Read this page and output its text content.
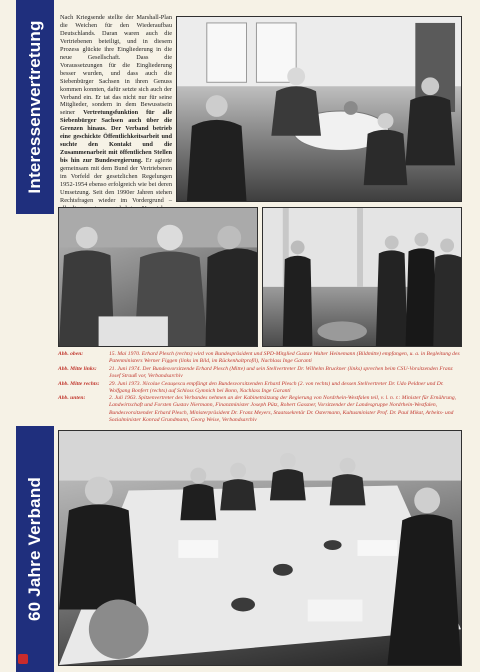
Interessenvertretung
60 Jahre Verband
Nach Kriegsende stellte der Marshall-Plan die Weichen für den Wiederaufbau Deutschlands. Daran waren auch die Vertriebenen beteiligt, und in diesem Prozess glückte ihre Eingliederung in die neue Gesellschaft. Dass die Voraussetzungen für die Eingliederung besser wurden, und dass auch die Siebenbürger Sachsen in ihren Genuss kommen konnten, dafür setzte sich auch der Verband ein. Er tat das nicht nur für seine Mitglieder, sondern in dem Bewusstsein seiner Vertretungsfunktion für alle Siebenbürger Sachsen auch über die Grenzen hinaus. Der Verband betrieb eine geschickte Öffentlichkeitsarbeit und suchte den Kontakt und die Zusammenarbeit mit öffentlichen Stellen bis hin zur Bundesregierung. Er agierte gemeinsam mit dem Bund der Vertriebenen im Vorfeld der gesetzlichen Regelungen 1952-1954 ebenso erfolgreich wie bei deren Umsetzung. Seit den 1990er Jahren stehen Rechtsfragen wieder im Vordergrund –
Abb. oben:	15. Mai 1970. Erhard Plesch (rechts) wird von Bundespräsident und SPD-Mitglied Gustav Walter Heinemann (Bildmitte) empfangen, u. a. in Begleitung des Patenministers Werner Figgen (links im Bild, im Rückenhaltprofil), Nachlass Inge Garanti
Abb. Mitte links:	21. Juni 1974. Der Bundesvorsitzende Erhard Plesch (Mitte) und sein Stellvertreter Dr. Wilhelm Bruckner (links) sprechen beim CSU-Vorsitzenden Franz Josef Strauß vor, Verbandsarchiv
Abb. Mitte rechts:	29. Juni 1973. Nicolae Ceaușescu empfängt den Bundesvorsitzenden Erhard Plesch (2. von rechts) und dessen Stellvertreter Dr. Udo Peldner und Dr. Wolfgang Bonfert (rechts) auf Schloss Gymnich bei Bonn, Nachlass Inge Garanti
Abb. unten:	2. Juli 1963. Spitzenvertreter des Verbandes nehmen an der Kabinettsitzung der Regierung von Nordrhein-Westfalen teil, v. l. n. r.: Minister für Ernährung, Landwirtschaft und Forsten Gustav Niermann, Finanzminister Joseph Pütz, Robert Gassner, Vorsitzender der Landesgruppe Nordrhein-Westfalen, Bundesvorsitzender Erhard Plesch, Ministerpräsident Dr. Franz Meyers, Staatssekretär Dr. Ostermann, Kultusminister Prof. Dr. Paul Mikat, Arbeits- und Sozialminister Konrad Grundmann, Georg Weise, Verbandsarchiv
